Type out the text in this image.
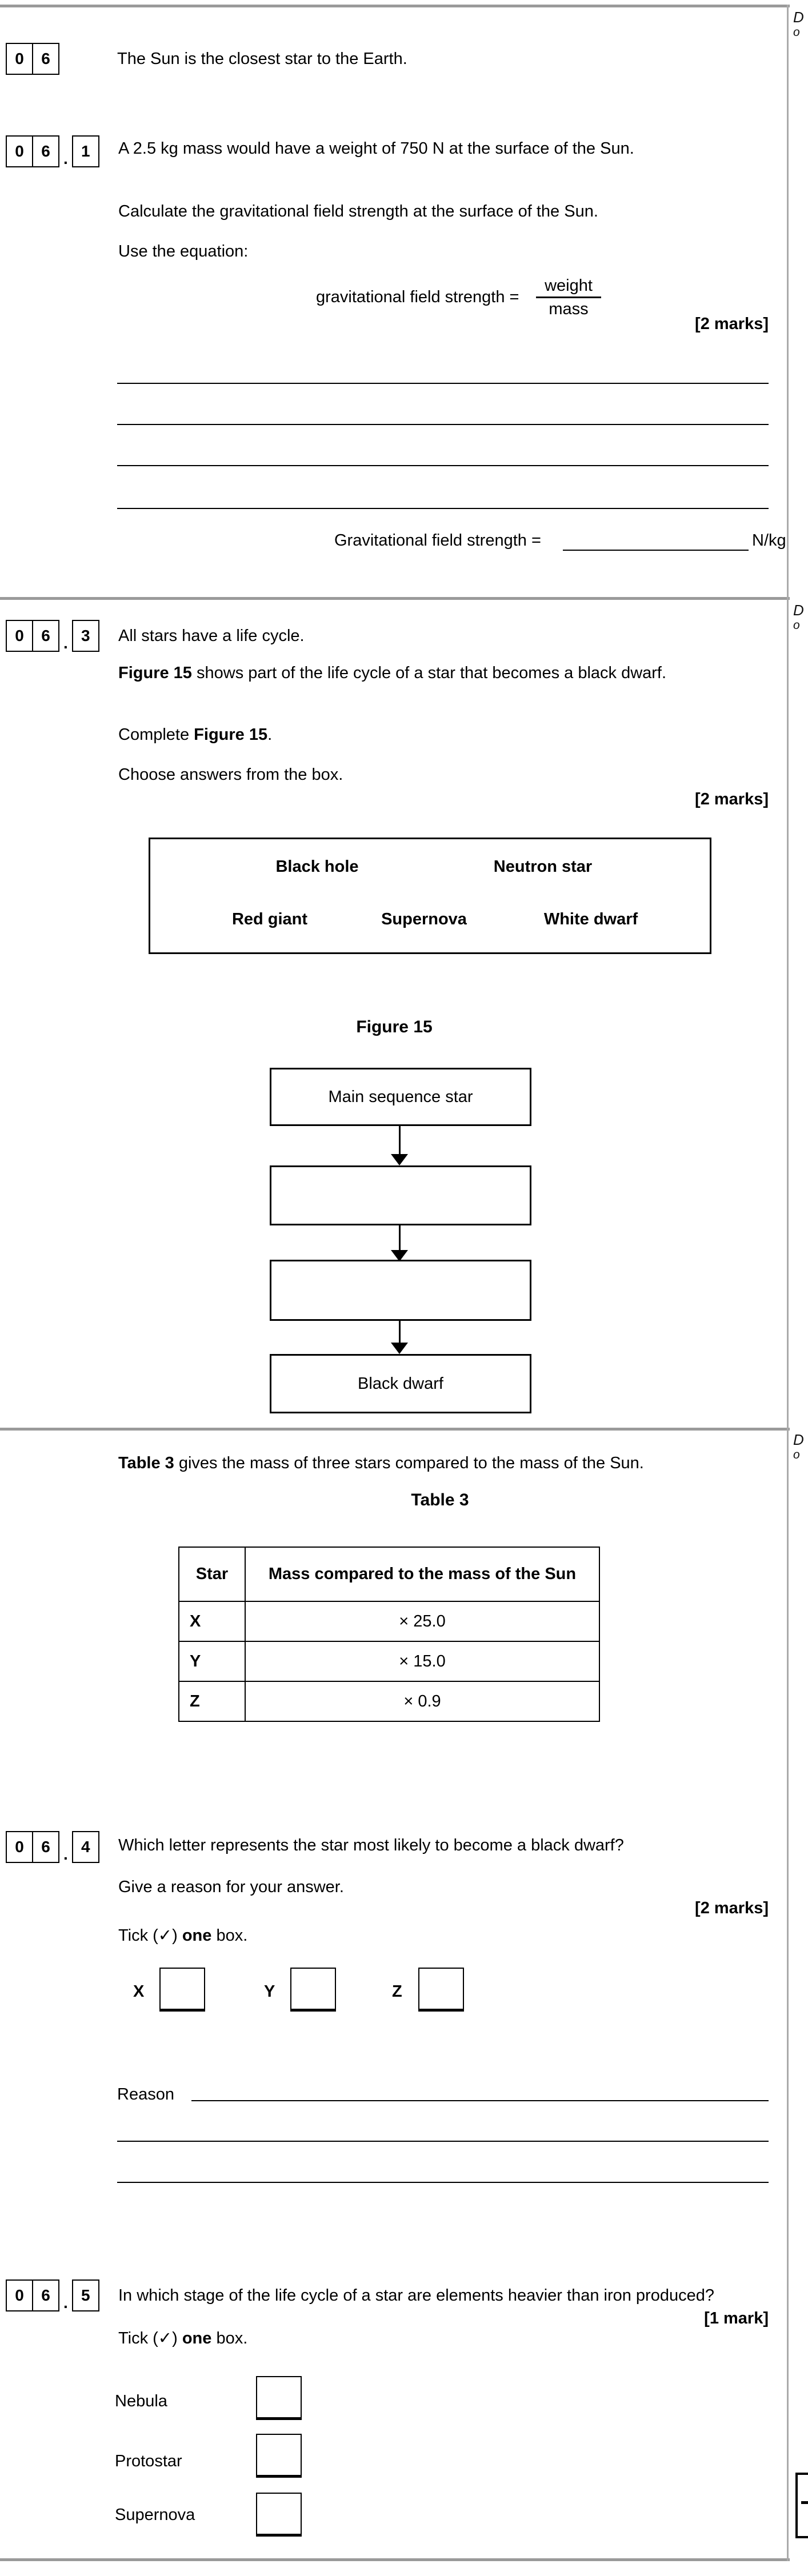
D
o
D
o
D
o
0	6	The Sun is the closest star to the Earth.
0	6 . 1	A 2.5 kg mass would have a weight of 750 N at the surface of the Sun.
Calculate the gravitational field strength at the surface of the Sun.
Use the equation:
gravitational field strength =
weight
mass
[2 marks]
Gravitational field strength =	N/kg
0	6 . 3	All stars have a life cycle.
Figure 15 shows part of the life cycle of a star that becomes a black dwarf.
Complete Figure 15.
Choose answers from the box.
[2 marks]
Black hole	Neutron star
Red giant	Supernova	White dwarf
Figure 15
Main sequence star
Black dwarf
Table 3 gives the mass of three stars compared to the mass of the Sun.
Table 3
Star	Mass compared to the mass of the Sun
X	× 25.0
Y	× 15.0
Z	× 0.9
0	6 . 4	Which letter represents the star most likely to become a black dwarf?
Give a reason for your answer.
[2 marks]
Tick (✓) one box.
X	Y	Z
Reason
0	6 . 5	In which stage of the life cycle of a star are elements heavier than iron produced?
[1 mark]
Tick (✓) one box.
Nebula
Protostar
Supernova
